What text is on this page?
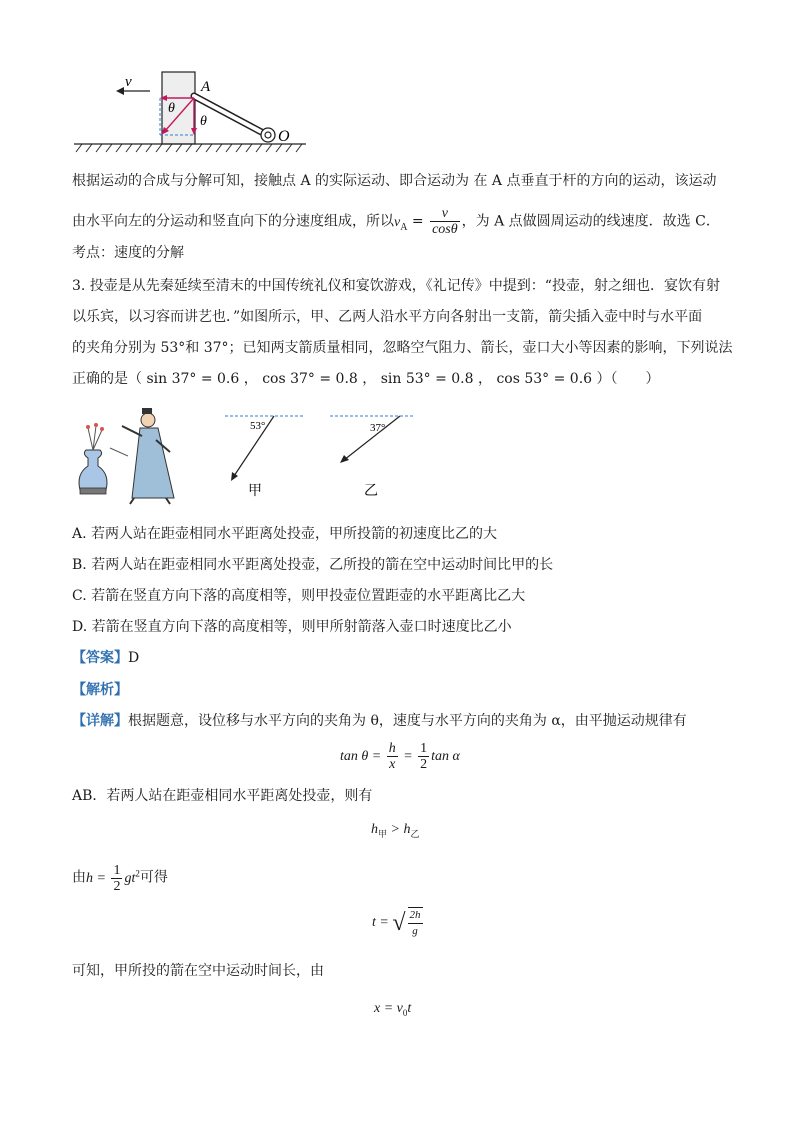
v	A
θ
θ
O
根据运动的合成与分解可知，接触点 A 的实际运动、即合运动为 在 A 点垂直于杆的方向的运动，该运动
由水平向左的分运动和竖直向下的分速度组成，所以$v_A = \frac{v}{\cos\theta}$ ，为 A 点做圆周运动的线速度．故选 C．
考点：速度的分解
3. 投壶是从先秦延续至清末的中国传统礼仪和宴饮游戏，《礼记传》中提到：“投壶，射之细也．宴饮有射
以乐宾，以习容而讲艺也．”如图所示，甲、乙两人沿水平方向各射出一支箭，箭尖插入壶中时与水平面
的夹角分别为 53°和 37°；已知两支箭质量相同，忽略空气阻力、箭长，壶口大小等因素的影响，下列说法
正确的是（ sin 37° = 0.6 ， cos 37° = 0.8 ， sin 53° = 0.8 ， cos 53° = 0.6 ）（　　）
53°
甲
37°
乙
A. 若两人站在距壶相同水平距离处投壶，甲所投箭的初速度比乙的大
B. 若两人站在距壶相同水平距离处投壶，乙所投的箭在空中运动时间比甲的长
C. 若箭在竖直方向下落的高度相等，则甲投壶位置距壶的水平距离比乙大
D. 若箭在竖直方向下落的高度相等，则甲所射箭落入壶口时速度比乙小
【答案】D
【解析】
【详解】根据题意，设位移与水平方向的夹角为 θ，速度与水平方向的夹角为 α，由平抛运动规律有
$\tan \theta = \frac{h}{x} = \frac{1}{2}$ tan α
AB．若两人站在距壶相同水平距离处投壶，则有
$h_甲 > h_乙$
由$h = \frac{1}{2} gt^2$可得
t = √ $\frac{2h}{g}$
可知，甲所投的箭在空中运动时间长，由
$x = v_0t$
